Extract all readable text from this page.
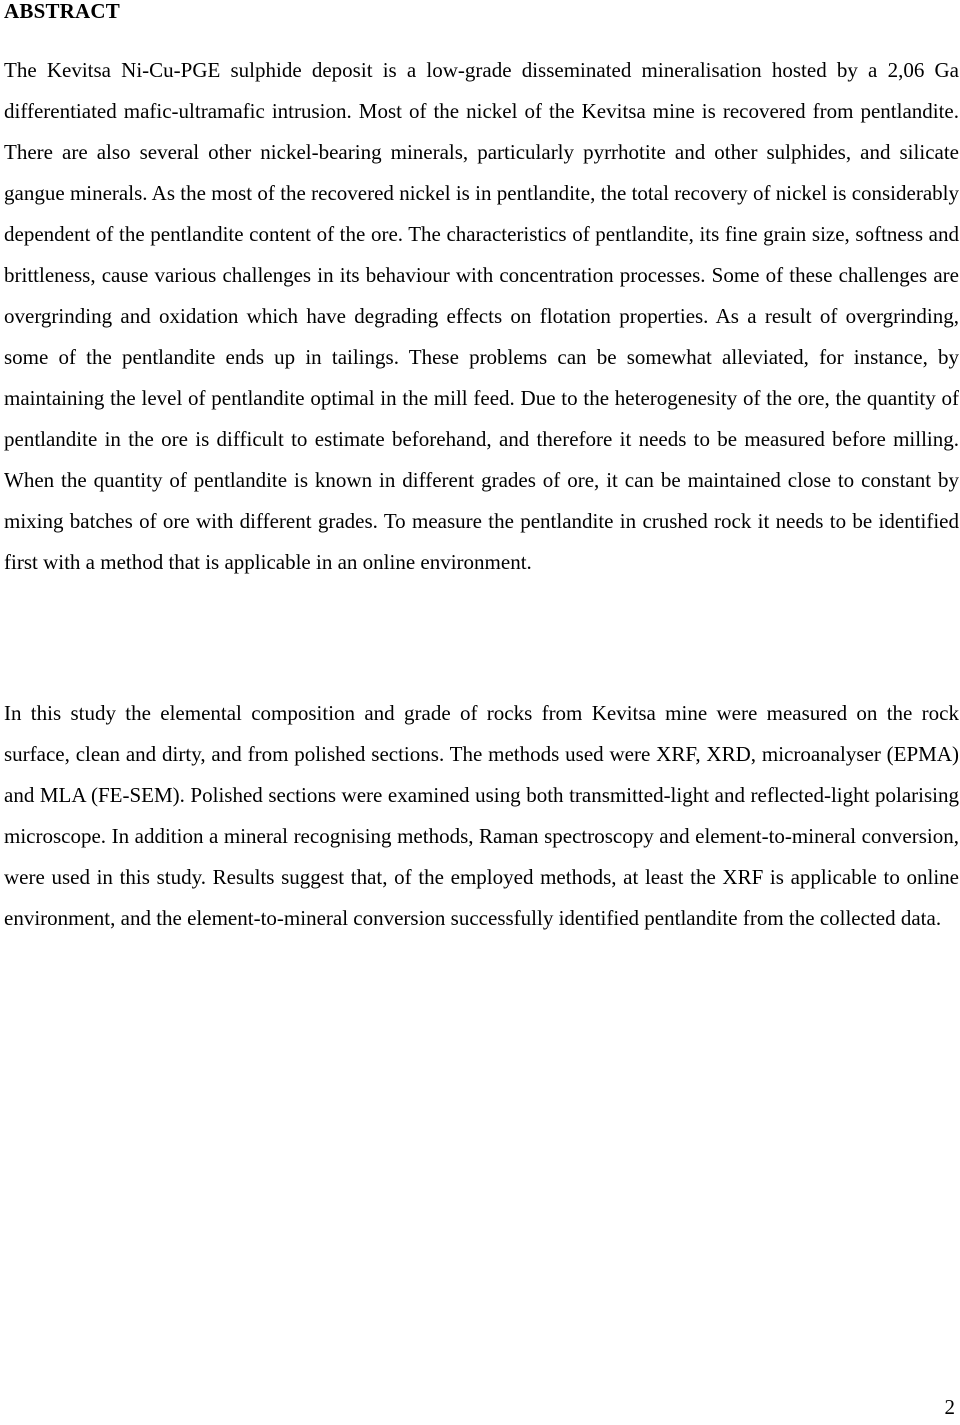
ABSTRACT

The Kevitsa Ni-Cu-PGE sulphide deposit is a low-grade disseminated mineralisation hosted by a 2,06 Ga differentiated mafic-ultramafic intrusion. Most of the nickel of the Kevitsa mine is recovered from pentlandite. There are also several other nickel-bearing minerals, particularly pyrrhotite and other sulphides, and silicate gangue minerals. As the most of the recovered nickel is in pentlandite, the total recovery of nickel is considerably dependent of the pentlandite content of the ore. The characteristics of pentlandite, its fine grain size, softness and brittleness, cause various challenges in its behaviour with concentration processes. Some of these challenges are overgrinding and oxidation which have degrading effects on flotation properties. As a result of overgrinding, some of the pentlandite ends up in tailings. These problems can be somewhat alleviated, for instance, by maintaining the level of pentlandite optimal in the mill feed. Due to the heterogenesity of the ore, the quantity of pentlandite in the ore is difficult to estimate beforehand, and therefore it needs to be measured before milling. When the quantity of pentlandite is known in different grades of ore, it can be maintained close to constant by mixing batches of ore with different grades. To measure the pentlandite in crushed rock it needs to be identified first with a method that is applicable in an online environment.

In this study the elemental composition and grade of rocks from Kevitsa mine were measured on the rock surface, clean and dirty, and from polished sections. The methods used were XRF, XRD, microanalyser (EPMA) and MLA (FE-SEM). Polished sections were examined using both transmitted-light and reflected-light polarising microscope. In addition a mineral recognising methods, Raman spectroscopy and element-to-mineral conversion, were used in this study. Results suggest that, of the employed methods, at least the XRF is applicable to online environment, and the element-to-mineral conversion successfully identified pentlandite from the collected data.

2
